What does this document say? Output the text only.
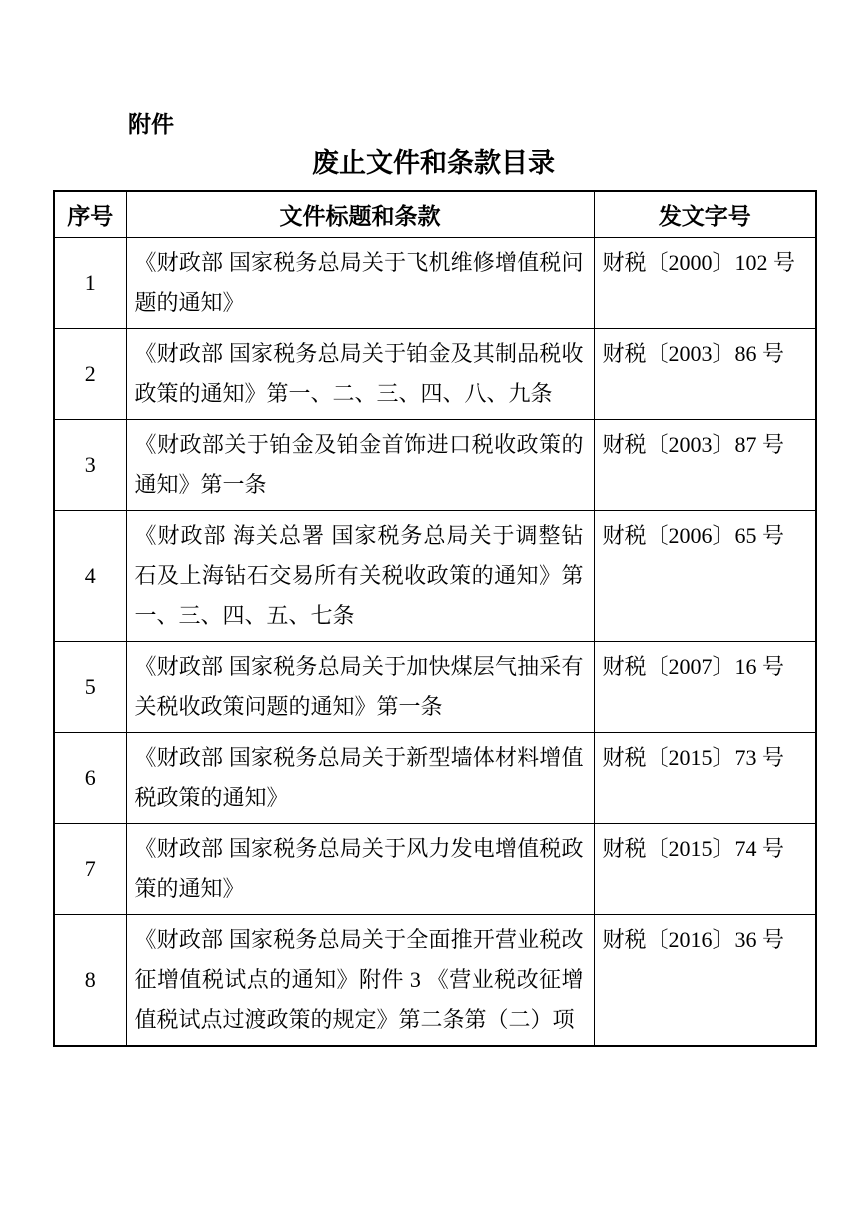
附件
废止文件和条款目录
序号	文件标题和条款	发文字号
1	《财政部 国家税务总局关于飞机维修增值税问题的通知》	财税〔2000〕102 号
2	《财政部 国家税务总局关于铂金及其制品税收政策的通知》第一、二、三、四、八、九条	财税〔2003〕86 号
3	《财政部关于铂金及铂金首饰进口税收政策的通知》第一条	财税〔2003〕87 号
4	《财政部 海关总署 国家税务总局关于调整钻石及上海钻石交易所有关税收政策的通知》第一、三、四、五、七条	财税〔2006〕65 号
5	《财政部 国家税务总局关于加快煤层气抽采有关税收政策问题的通知》第一条	财税〔2007〕16 号
6	《财政部 国家税务总局关于新型墙体材料增值税政策的通知》	财税〔2015〕73 号
7	《财政部 国家税务总局关于风力发电增值税政策的通知》	财税〔2015〕74 号
8	《财政部 国家税务总局关于全面推开营业税改征增值税试点的通知》附件 3 《营业税改征增值税试点过渡政策的规定》第二条第（二）项	财税〔2016〕36 号
